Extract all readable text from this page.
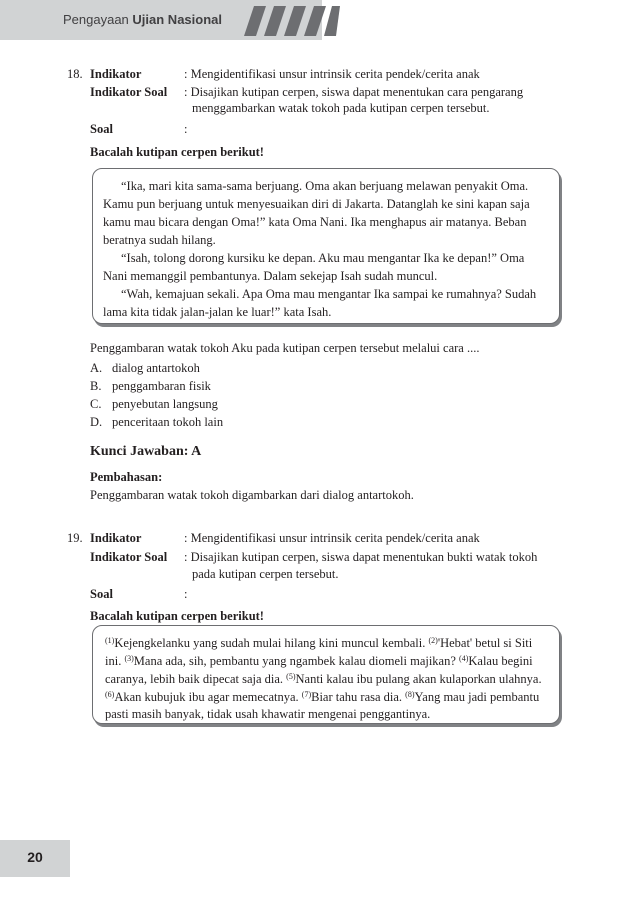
Pengayaan Ujian Nasional
18. Indikator	: Mengidentifikasi unsur intrinsik cerita pendek/cerita anak
Indikator Soal : Disajikan kutipan cerpen, siswa dapat menentukan cara pengarang
menggambarkan watak tokoh pada kutipan cerpen tersebut.
Soal	:
Bacalah kutipan cerpen berikut!
“Ika, mari kita sama-sama berjuang. Oma akan berjuang melawan penyakit Oma.
Kamu pun berjuang untuk menyesuaikan diri di Jakarta. Datanglah ke sini kapan saja
kamu mau bicara dengan Oma!” kata Oma Nani. Ika menghapus air matanya. Beban
beratnya sudah hilang.
“Isah, tolong dorong kursiku ke depan. Aku mau mengantar Ika ke depan!” Oma
Nani memanggil pembantunya. Dalam sekejap Isah sudah muncul.
“Wah, kemajuan sekali. Apa Oma mau mengantar Ika sampai ke rumahnya? Sudah
lama kita tidak jalan-jalan ke luar!” kata Isah.
Penggambaran watak tokoh Aku pada kutipan cerpen tersebut melalui cara ....
A. dialog antartokoh
B. penggambaran fisik
C. penyebutan langsung
D. penceritaan tokoh lain
Kunci Jawaban: A
Pembahasan:
Penggambaran watak tokoh digambarkan dari dialog antartokoh.
19. Indikator	: Mengidentifikasi unsur intrinsik cerita pendek/cerita anak
Indikator Soal : Disajikan kutipan cerpen, siswa dapat menentukan bukti watak tokoh
pada kutipan cerpen tersebut.
Soal	:
Bacalah kutipan cerpen berikut!
$^{(1)}$Kejengkelanku yang sudah mulai hilang kini muncul kembali. $^{(2)}$'Hebat' betul si Siti
ini. $^{(3)}$Mana ada, sih, pembantu yang ngambek kalau diomeli majikan? $^{(4)}$Kalau begini
caranya, lebih baik dipecat saja dia. $^{(5)}$Nanti kalau ibu pulang akan kulaporkan ulahnya.
$^{(6)}$Akan kubujuk ibu agar memecatnya. $^{(7)}$Biar tahu rasa dia. $^{(8)}$Yang mau jadi pembantu
pasti masih banyak, tidak usah khawatir mengenai penggantinya.
20
